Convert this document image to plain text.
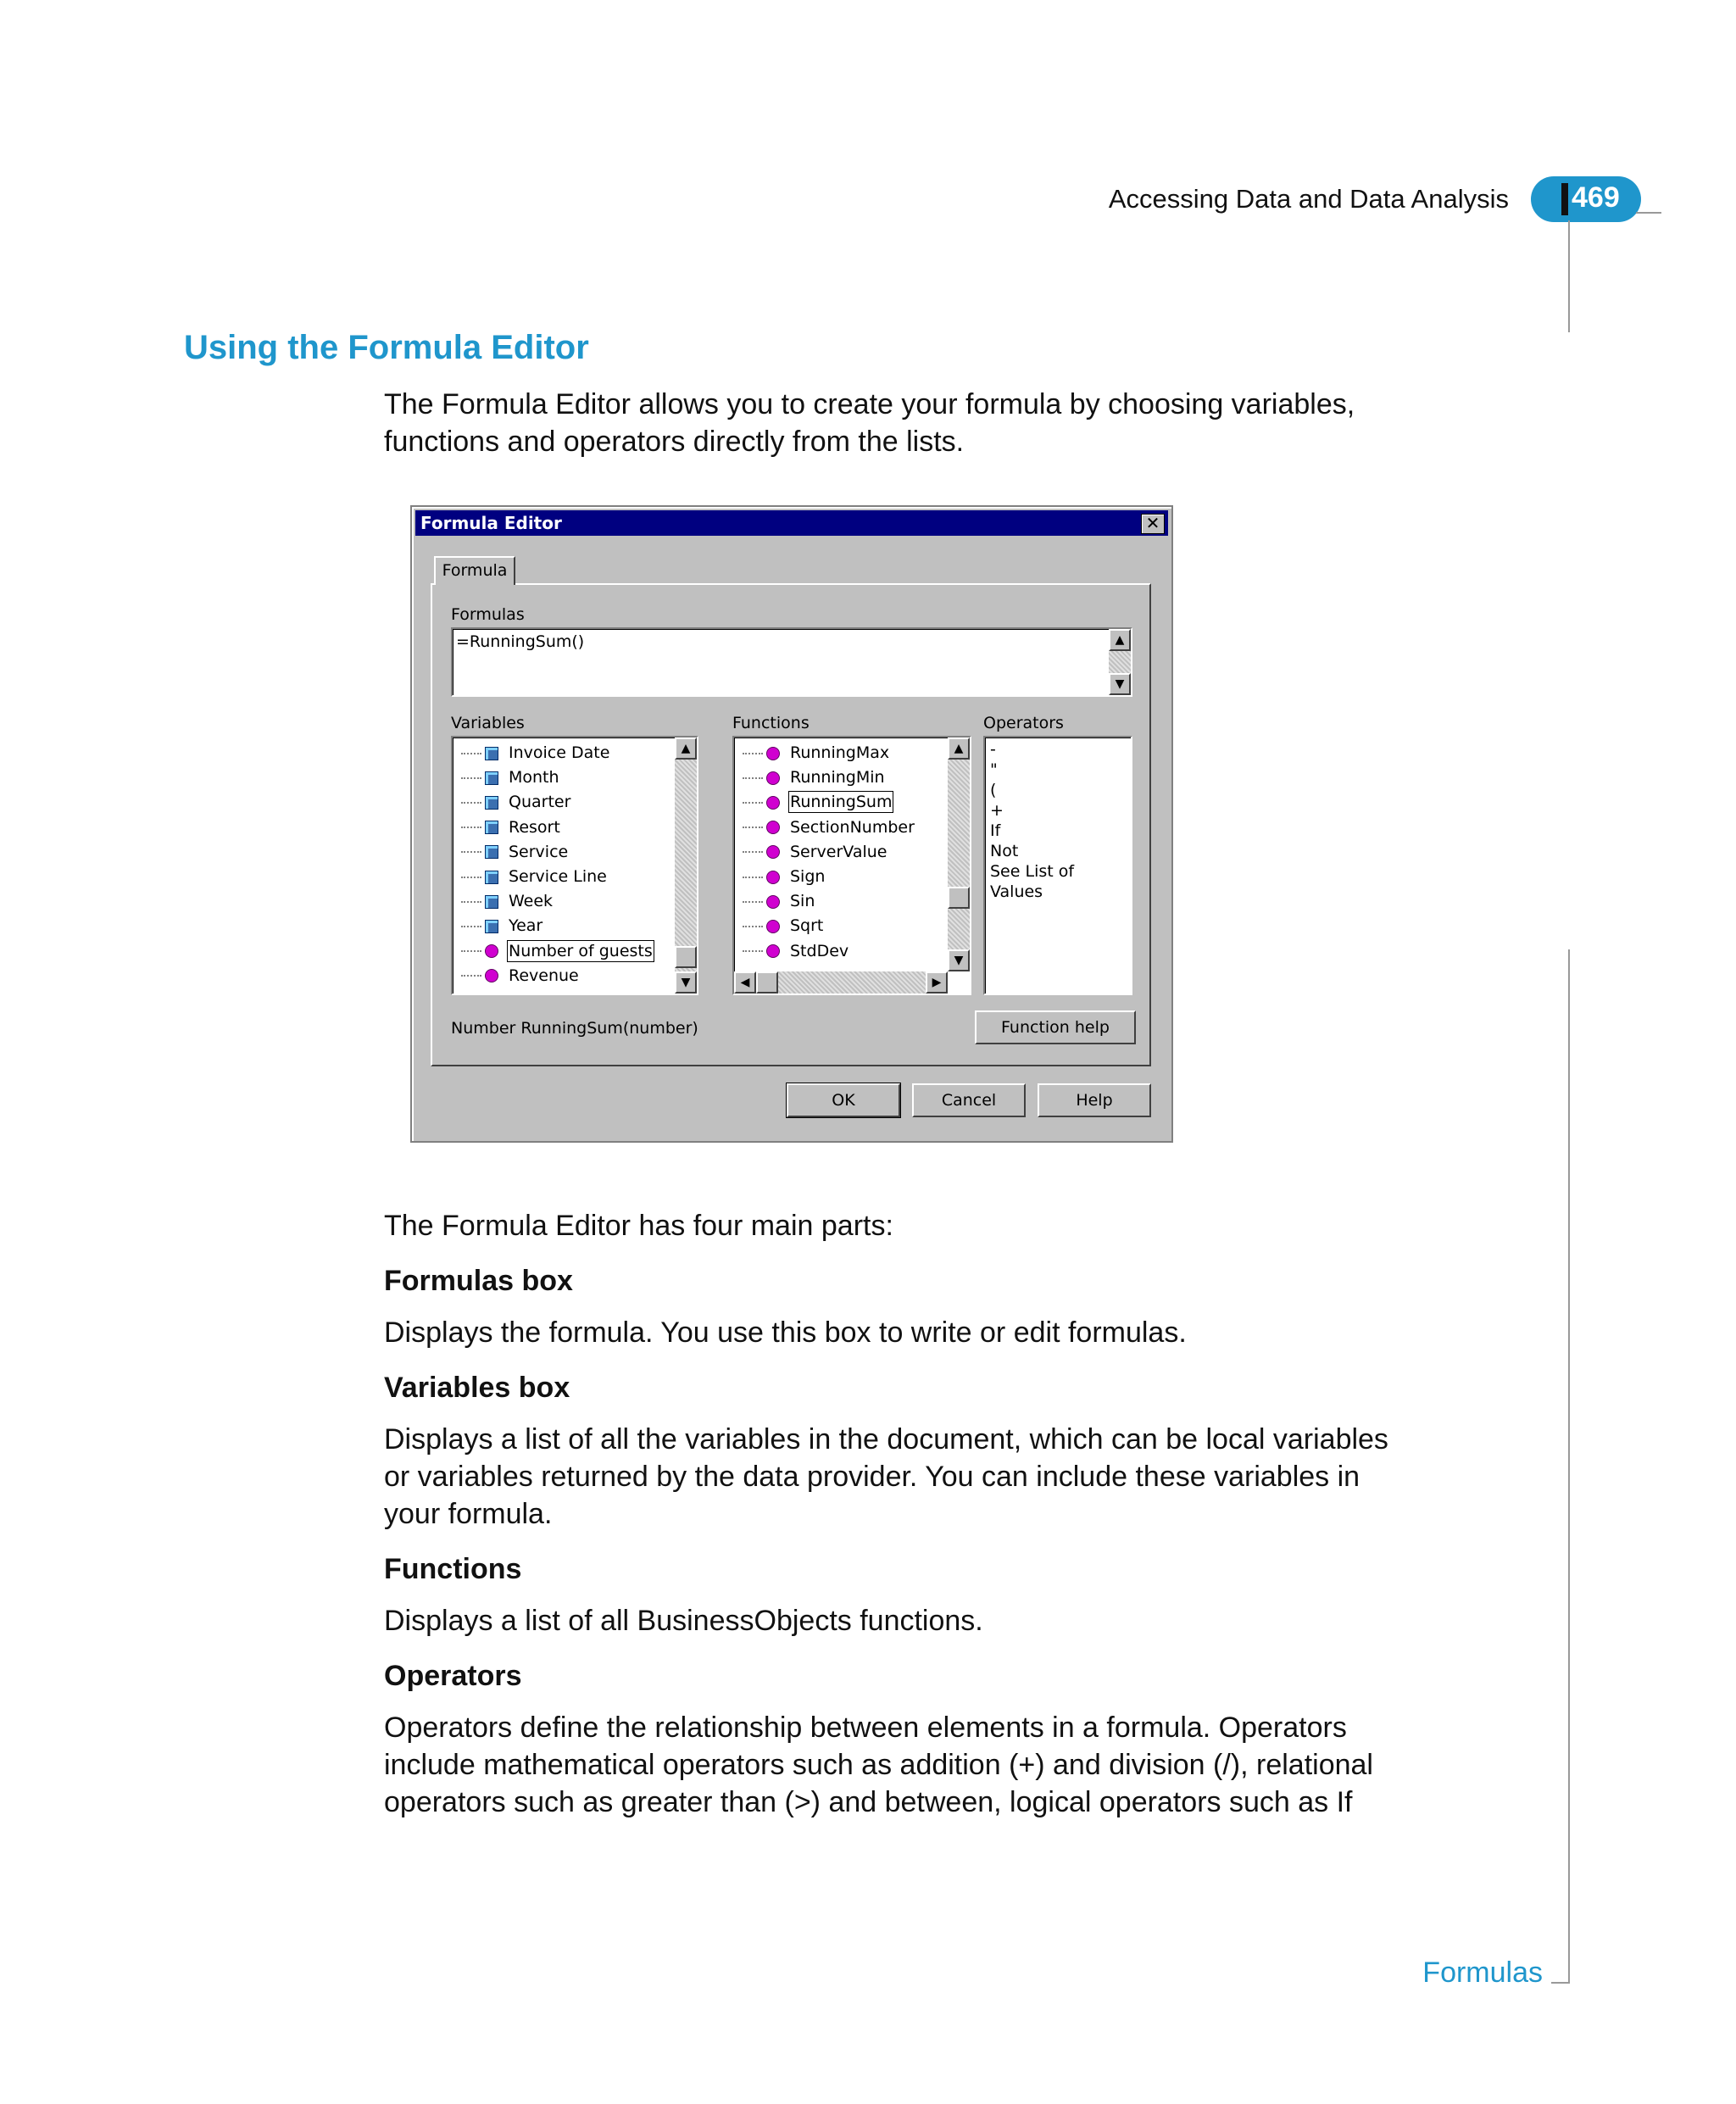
Accessing Data and Data Analysis 469
Using the Formula Editor
The Formula Editor allows you to create your formula by choosing variables,
functions and operators directly from the lists.
Formula Editor	✕
Formula
Formulas
=RunningSum()	▲
▼
Variables	Functions	Operators
Invoice Date
Month
Quarter
Resort
Service
Service Line
Week
Year
Number of guests
Revenue
▲
▼
RunningMax
RunningMin
RunningSum
SectionNumber
ServerValue
Sign
Sin
Sqrt
StdDev
▲
▼
◀	▶
-
"
(
+
If
Not
See List of Values
Number RunningSum(number)	Function help
OK	Cancel	Help
The Formula Editor has four main parts:
Formulas box
Displays the formula. You use this box to write or edit formulas.
Variables box
Displays a list of all the variables in the document, which can be local variables
or variables returned by the data provider. You can include these variables in
your formula.
Functions
Displays a list of all BusinessObjects functions.
Operators
Operators define the relationship between elements in a formula. Operators
include mathematical operators such as addition (+) and division (/), relational
operators such as greater than (>) and between, logical operators such as If
Formulas
